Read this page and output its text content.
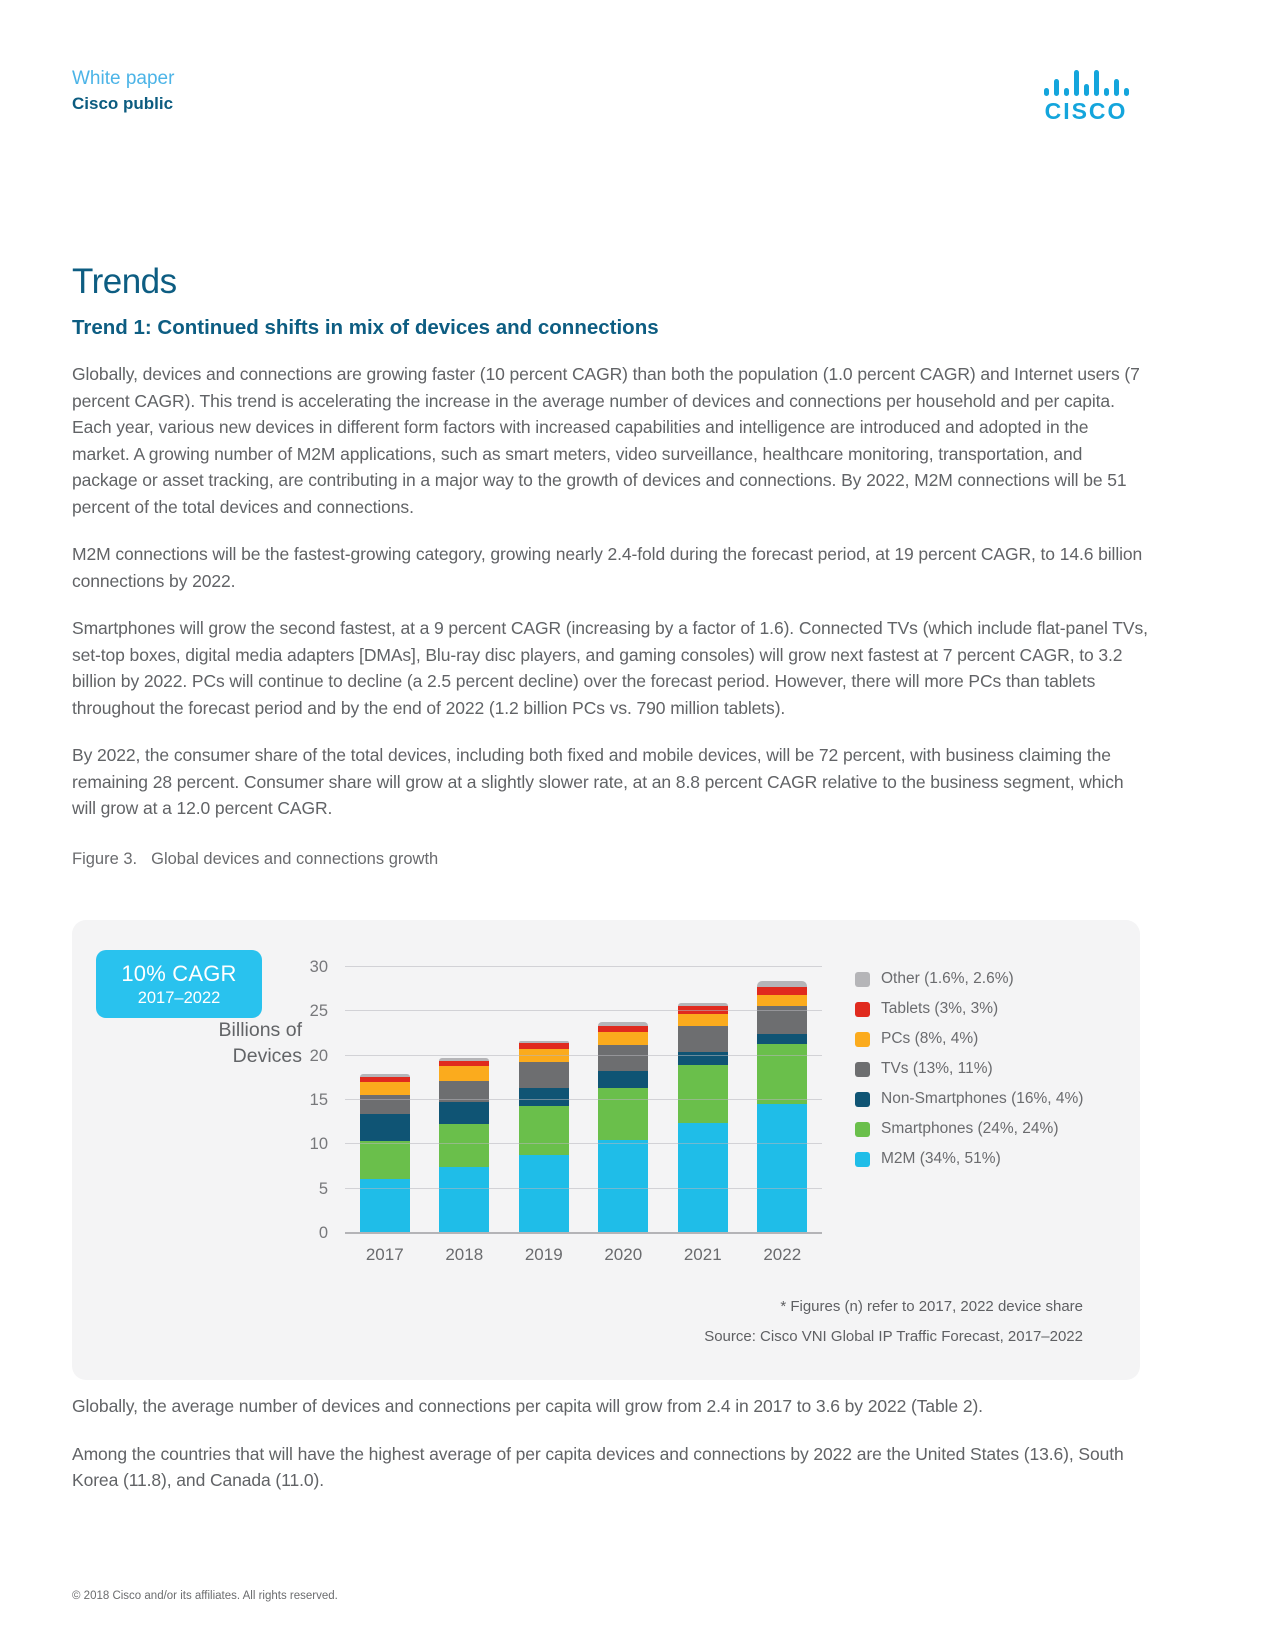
White paper
Cisco public	CISCO
Trends
Trend 1: Continued shifts in mix of devices and connections

Globally, devices and connections are growing faster (10 percent CAGR) than both the population (1.0 percent CAGR) and Internet users (7 percent CAGR). This trend is accelerating the increase in the average number of devices and connections per household and per capita. Each year, various new devices in different form factors with increased capabilities and intelligence are introduced and adopted in the market. A growing number of M2M applications, such as smart meters, video surveillance, healthcare monitoring, transportation, and package or asset tracking, are contributing in a major way to the growth of devices and connections. By 2022, M2M connections will be 51 percent of the total devices and connections.

M2M connections will be the fastest-growing category, growing nearly 2.4-fold during the forecast period, at 19 percent CAGR, to 14.6 billion connections by 2022.

Smartphones will grow the second fastest, at a 9 percent CAGR (increasing by a factor of 1.6). Connected TVs (which include flat-panel TVs, set-top boxes, digital media adapters [DMAs], Blu-ray disc players, and gaming consoles) will grow next fastest at 7 percent CAGR, to 3.2 billion by 2022. PCs will continue to decline (a 2.5 percent decline) over the forecast period. However, there will more PCs than tablets throughout the forecast period and by the end of 2022 (1.2 billion PCs vs. 790 million tablets).

By 2022, the consumer share of the total devices, including both fixed and mobile devices, will be 72 percent, with business claiming the remaining 28 percent. Consumer share will grow at a slightly slower rate, at an 8.8 percent CAGR relative to the business segment, which will grow at a 12.0 percent CAGR.

Figure 3. Global devices and connections growth
10% CAGR
2017–2022
Billions of
Devices
0
5
10
15
20
25
30
2017 2018 2019 2020 2021 2022
Other (1.6%, 2.6%)
Tablets (3%, 3%)
PCs (8%, 4%)
TVs (13%, 11%)
Non-Smartphones (16%, 4%)
Smartphones (24%, 24%)
M2M (34%, 51%)
* Figures (n) refer to 2017, 2022 device share
Source: Cisco VNI Global IP Traffic Forecast, 2017–2022

Globally, the average number of devices and connections per capita will grow from 2.4 in 2017 to 3.6 by 2022 (Table 2).

Among the countries that will have the highest average of per capita devices and connections by 2022 are the United States (13.6), South Korea (11.8), and Canada (11.0).

© 2018 Cisco and/or its affiliates. All rights reserved.
